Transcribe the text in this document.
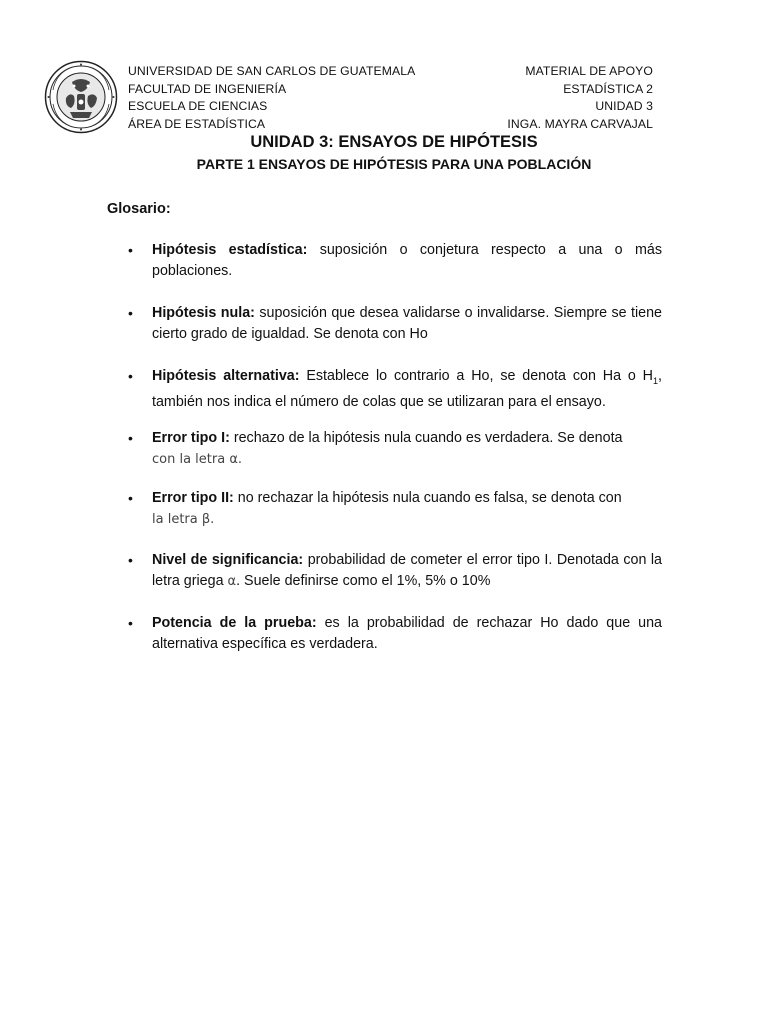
UNIVERSIDAD DE SAN CARLOS DE GUATEMALA
FACULTAD DE INGENIERÍA
ESCUELA DE CIENCIAS
ÁREA DE ESTADÍSTICA
MATERIAL DE APOYO
ESTADÍSTICA 2
UNIDAD 3
INGA. MAYRA CARVAJAL
UNIDAD 3: ENSAYOS DE HIPÓTESIS
PARTE 1 ENSAYOS DE HIPÓTESIS PARA UNA POBLACIÓN
Glosario:
• Hipótesis estadística: suposición o conjetura respecto a una o más poblaciones.
• Hipótesis nula: suposición que desea validarse o invalidarse. Siempre se tiene cierto grado de igualdad. Se denota con Ho
• Hipótesis alternativa: Establece lo contrario a Ho, se denota con Ha o $H_1$, también nos indica el número de colas que se utilizaran para el ensayo.
• Error tipo I: rechazo de la hipótesis nula cuando es verdadera. Se denota
con la letra α.
• Error tipo II: no rechazar la hipótesis nula cuando es falsa, se denota con
la letra β.
• Nivel de significancia: probabilidad de cometer el error tipo I. Denotada con la letra griega α. Suele definirse como el 1%, 5% o 10%
• Potencia de la prueba: es la probabilidad de rechazar Ho dado que una alternativa específica es verdadera.
